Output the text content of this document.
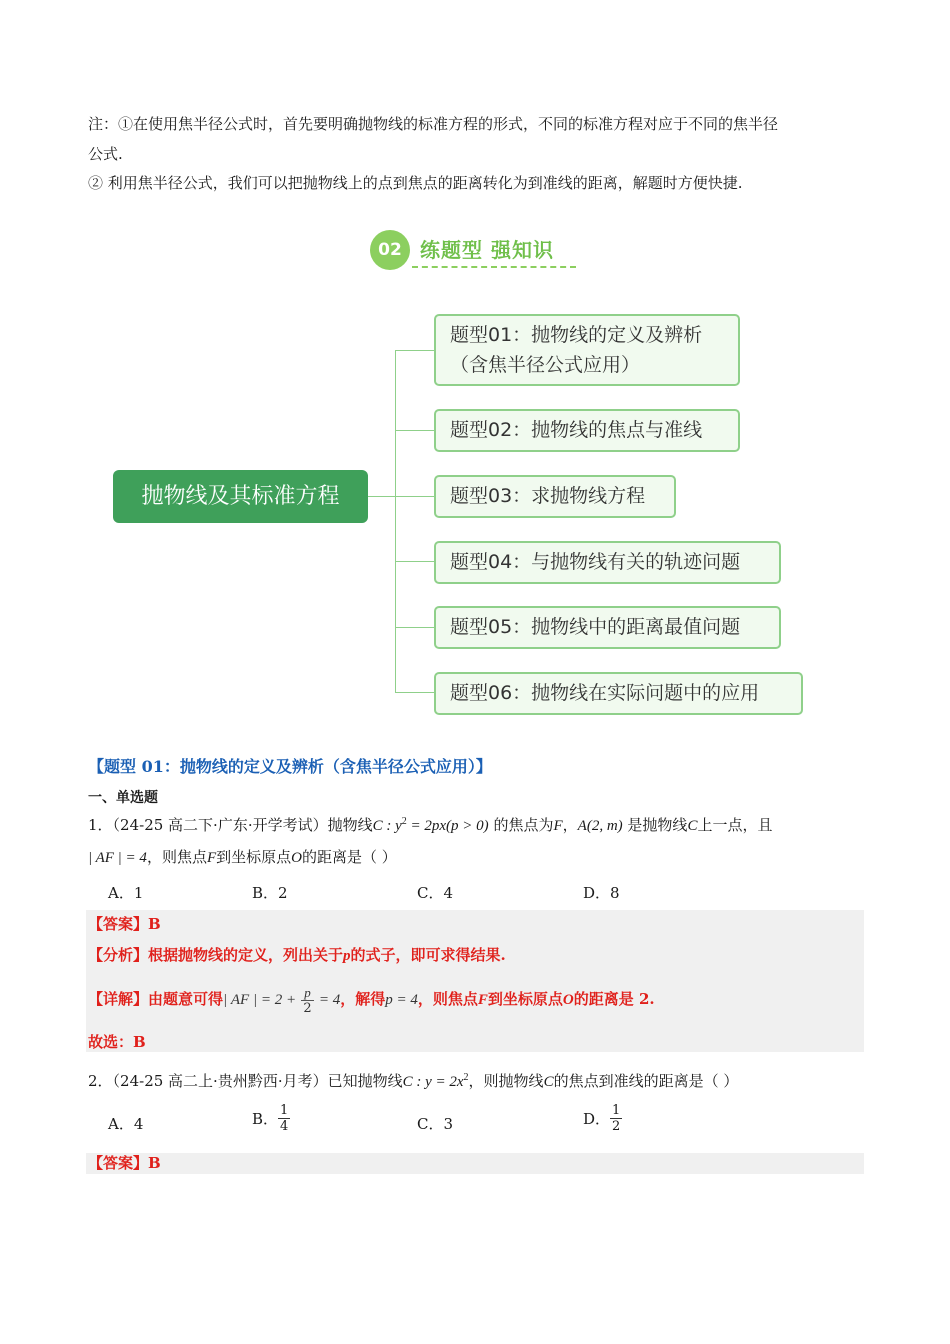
注：①在使用焦半径公式时，首先要明确抛物线的标准方程的形式，不同的标准方程对应于不同的焦半径
公式.
② 利用焦半径公式，我们可以把抛物线上的点到焦点的距离转化为到准线的距离，解题时方便快捷.
02 练题型 强知识
抛物线及其标准方程
题型01：抛物线的定义及辨析
（含焦半径公式应用）
题型02：抛物线的焦点与准线
题型03：求抛物线方程
题型04：与抛物线有关的轨迹问题
题型05：抛物线中的距离最值问题
题型06：抛物线在实际问题中的应用
【题型 01：抛物线的定义及辨析（含焦半径公式应用）】
一、单选题
1．（24-25 高二下·广东·开学考试）抛物线C : $y^2 = 2px(p > 0)$ 的焦点为F，A(2, m) 是抛物线C上一点，且
| AF | = 4，则焦点F到坐标原点O的距离是（ ）
A．1	B．2	C．4	D．8
【答案】B
【分析】根据抛物线的定义，列出关于p的式子，即可求得结果.
【详解】由题意可得| AF | = $2 + \frac{p}{2} = 4$，解得p = 4，则焦点F到坐标原点O的距离是 2.
故选：B
2．（24-25 高二上·贵州黔西·月考）已知抛物线C : $y = 2x^2$，则抛物线C的焦点到准线的距离是（ ）
A．4	B． $\frac{1}{4}$	C．3	D． $\frac{1}{2}$
【答案】B
